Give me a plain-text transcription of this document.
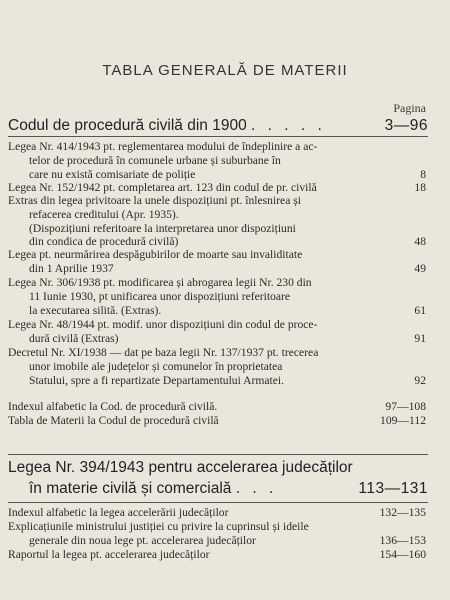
TABLA GENERALĂ DE MATERII
Pagina
Codul de procedură civilă din 1900 . . . . .	3—96
Legea Nr. 414/1943 pt. reglementarea modului de îndeplinire a ac-
telor de procedură în comunele urbane și suburbane în
care nu există comisariate de poliție	8
Legea Nr. 152/1942 pt. completarea art. 123 din codul de pr. civilă	18
Extras din legea privitoare la unele dispozițiuni pt. înlesnirea și
refacerea creditului (Apr. 1935).
(Dispozițiuni referitoare la interpretarea unor dispozițiuni
din condica de procedură civilă)	48
Legea pt. neurmărirea despăgubirilor de moarte sau invaliditate
din 1 Aprilie 1937	49
Legea Nr. 306/1938 pt. modificarea și abrogarea legii Nr. 230 din
11 Iunie 1930, pt unificarea unor dispozițiuni referitoare
la executarea silită. (Extras).	61
Legea Nr. 48/1944 pt. modif. unor dispozițiuni din codul de proce-
dură civilă (Extras)	91
Decretul Nr. XI/1938 — dat pe baza legii Nr. 137/1937 pt. trecerea
unor imobile ale județelor și comunelor în proprietatea
Statului, spre a fi repartizate Departamentului Armatei.	92
Indexul alfabetic la Cod. de procedură civilă.	97—108
Tabla de Materii la Codul de procedură civilă	109—112
Legea Nr. 394/1943 pentru accelerarea judecăților
în materie civilă și comercială . . .	113—131
Indexul alfabetic la legea accelerării judecăților	132—135
Explicațiunile ministrului justiției cu privire la cuprinsul și ideile
generale din noua lege pt. accelerarea judecăților	136—153
Raportul la legea pt. accelerarea judecăților	154—160
